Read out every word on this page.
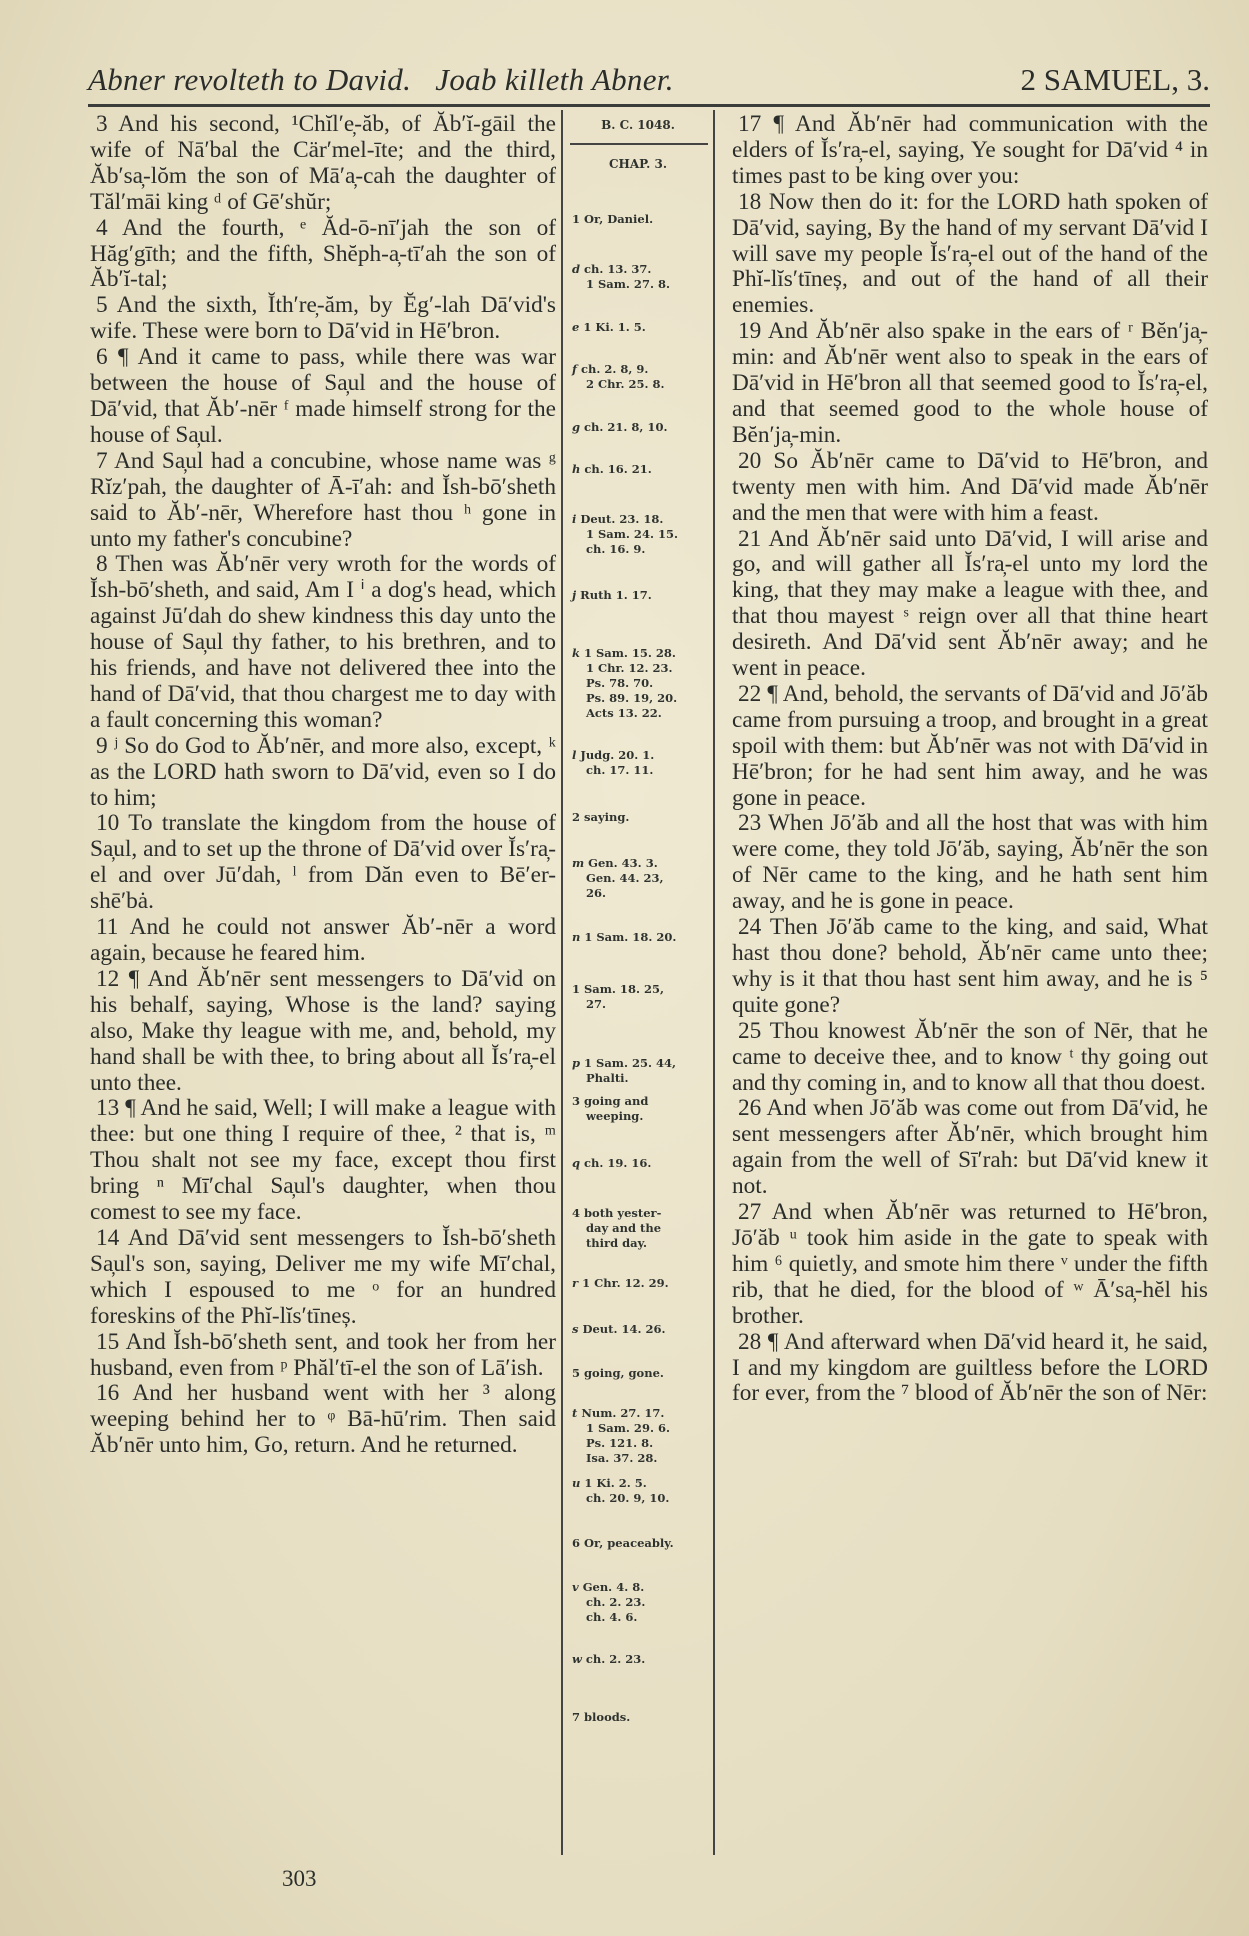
Abner revolteth to David.   Joab killeth Abner.	2 SAMUEL, 3.

3 And his second, ¹Chĭl′e̦-ăb, of Ăb′ĭ-gāil the wife of Nā′bal the Cär′mel-īte; and the third, Ăb′sa̦-lŏm the son of Mā′a̦-cah the daughter of Tăl′māi king ᵈ of Gē′shŭr;

4 And the fourth, ᵉ Ăd-ō-nī′jah the son of Hăg′gīth; and the fifth, Shĕph-a̦-tī′ah the son of Ăb′ĭ-tal;

5 And the sixth, Ĭth′re̦-ăm, by Ĕg′-lah Dā′vid's wife. These were born to Dā′vid in Hē′bron.

6 ¶ And it came to pass, while there was war between the house of Sa̦ul and the house of Dā′vid, that Ăb′-nēr ᶠ made himself strong for the house of Sa̦ul.

7 And Sa̦ul had a concubine, whose name was ᵍ Rĭz′pah, the daughter of Ā-ī′ah: and Ĭsh-bō′sheth said to Ăb′-nēr, Wherefore hast thou ʰ gone in unto my father's concubine?

8 Then was Ăb′nēr very wroth for the words of Ĭsh-bō′sheth, and said, Am I ⁱ a dog's head, which against Jū′dah do shew kindness this day unto the house of Sa̦ul thy father, to his brethren, and to his friends, and have not delivered thee into the hand of Dā′vid, that thou chargest me to day with a fault concerning this woman?

9 ʲ So do God to Ăb′nēr, and more also, except, ᵏ as the LORD hath sworn to Dā′vid, even so I do to him;

10 To translate the kingdom from the house of Sa̦ul, and to set up the throne of Dā′vid over Ĭs′ra̦-el and over Jū′dah, ˡ from Dăn even to Bē′er-shē′bȧ.

11 And he could not answer Ăb′-nēr a word again, because he feared him.

12 ¶ And Ăb′nēr sent messengers to Dā′vid on his behalf, saying, Whose is the land? saying also, Make thy league with me, and, behold, my hand shall be with thee, to bring about all Ĭs′ra̦-el unto thee.

13 ¶ And he said, Well; I will make a league with thee: but one thing I require of thee, ² that is, ᵐ Thou shalt not see my face, except thou first bring ⁿ Mī′chal Sa̦ul's daughter, when thou comest to see my face.

14 And Dā′vid sent messengers to Ĭsh-bō′sheth Sa̦ul's son, saying, Deliver me my wife Mī′chal, which I espoused to me ᵒ for an hundred foreskins of the Phĭ-lĭs′tīneș.

15 And Ĭsh-bō′sheth sent, and took her from her husband, even from ᵖ Phăl′tī-el the son of Lā′ish.

16 And her husband went with her ³ along weeping behind her to ᵠ Bā-hū′rim. Then said Ăb′nēr unto him, Go, return. And he returned.

B. C. 1048.
CHAP. 3.
1 Or, Daniel.
d ch. 13. 37.
1 Sam. 27. 8.
e 1 Ki. 1. 5.
f ch. 2. 8, 9.
2 Chr. 25. 8.
g ch. 21. 8, 10.
h ch. 16. 21.
i Deut. 23. 18.
1 Sam. 24. 15.
ch. 16. 9.
j Ruth 1. 17.
k 1 Sam. 15. 28.
1 Chr. 12. 23.
Ps. 78. 70.
Ps. 89. 19, 20.
Acts 13. 22.
l Judg. 20. 1.
ch. 17. 11.
2 saying.
m Gen. 43. 3.
Gen. 44. 23,
26.
n 1 Sam. 18. 20.
1 Sam. 18. 25,
27.
p 1 Sam. 25. 44,
Phalti.
3 going and
weeping.
q ch. 19. 16.
4 both yester-
day and the
third day.
r 1 Chr. 12. 29.
s Deut. 14. 26.
5 going, gone.
t Num. 27. 17.
1 Sam. 29. 6.
Ps. 121. 8.
Isa. 37. 28.
u 1 Ki. 2. 5.
ch. 20. 9, 10.
6 Or, peaceably.
v Gen. 4. 8.
ch. 2. 23.
ch. 4. 6.
w ch. 2. 23.
7 bloods.

17 ¶ And Ăb′nēr had communication with the elders of Ĭs′ra̦-el, saying, Ye sought for Dā′vid ⁴ in times past to be king over you:

18 Now then do it: for the LORD hath spoken of Dā′vid, saying, By the hand of my servant Dā′vid I will save my people Ĭs′ra̦-el out of the hand of the Phĭ-lĭs′tīneș, and out of the hand of all their enemies.

19 And Ăb′nēr also spake in the ears of ʳ Bĕn′ja̦-min: and Ăb′nēr went also to speak in the ears of Dā′vid in Hē′bron all that seemed good to Ĭs′ra̦-el, and that seemed good to the whole house of Bĕn′ja̦-min.

20 So Ăb′nēr came to Dā′vid to Hē′bron, and twenty men with him. And Dā′vid made Ăb′nēr and the men that were with him a feast.

21 And Ăb′nēr said unto Dā′vid, I will arise and go, and will gather all Ĭs′ra̦-el unto my lord the king, that they may make a league with thee, and that thou mayest ˢ reign over all that thine heart desireth. And Dā′vid sent Ăb′nēr away; and he went in peace.

22 ¶ And, behold, the servants of Dā′vid and Jō′ăb came from pursuing a troop, and brought in a great spoil with them: but Ăb′nēr was not with Dā′vid in Hē′bron; for he had sent him away, and he was gone in peace.

23 When Jō′ăb and all the host that was with him were come, they told Jō′ăb, saying, Ăb′nēr the son of Nēr came to the king, and he hath sent him away, and he is gone in peace.

24 Then Jō′ăb came to the king, and said, What hast thou done? behold, Ăb′nēr came unto thee; why is it that thou hast sent him away, and he is ⁵ quite gone?

25 Thou knowest Ăb′nēr the son of Nēr, that he came to deceive thee, and to know ᵗ thy going out and thy coming in, and to know all that thou doest.

26 And when Jō′ăb was come out from Dā′vid, he sent messengers after Ăb′nēr, which brought him again from the well of Sī′rah: but Dā′vid knew it not.

27 And when Ăb′nēr was returned to Hē′bron, Jō′ăb ᵘ took him aside in the gate to speak with him ⁶ quietly, and smote him there ᵛ under the fifth rib, that he died, for the blood of ʷ Ā′sa̦-hĕl his brother.

28 ¶ And afterward when Dā′vid heard it, he said, I and my kingdom are guiltless before the LORD for ever, from the ⁷ blood of Ăb′nēr the son of Nēr:

303
